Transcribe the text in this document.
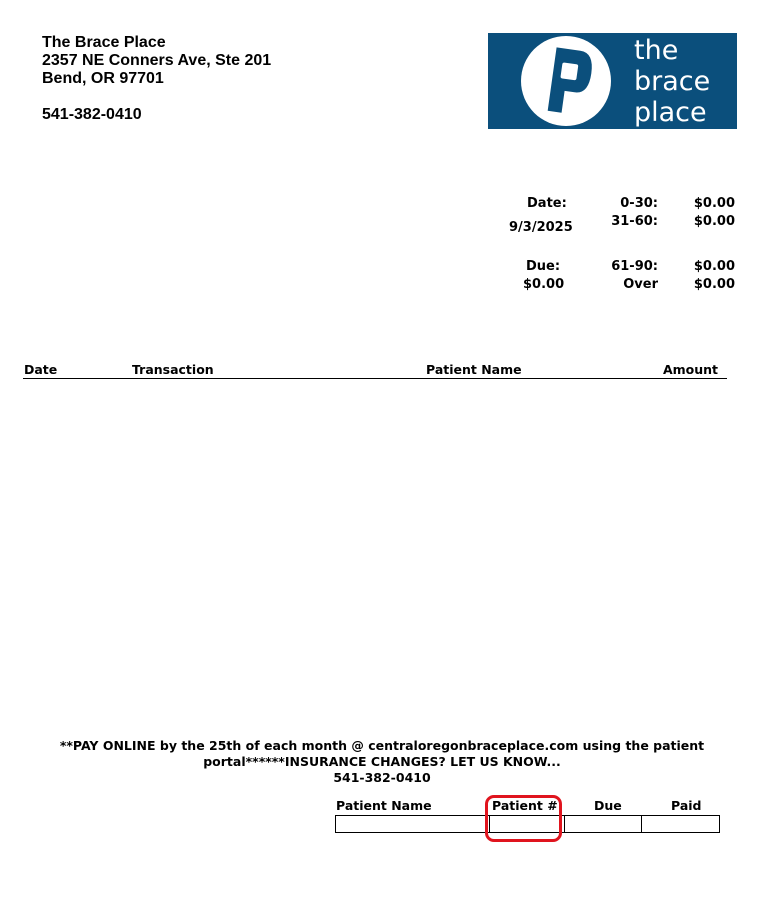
The Brace Place
2357 NE Conners Ave, Ste 201
Bend, OR 97701
541-382-0410
the
brace
place
Date:
9/3/2025
Due:
$0.00
0-30:	$0.00
31-60:	$0.00
61-90:	$0.00
Over	$0.00
Date	Transaction	Patient Name	Amount
**PAY ONLINE by the 25th of each month @ centraloregonbraceplace.com using the patient
portal******INSURANCE CHANGES? LET US KNOW...
541-382-0410
Patient Name	Patient #	Due	Paid
